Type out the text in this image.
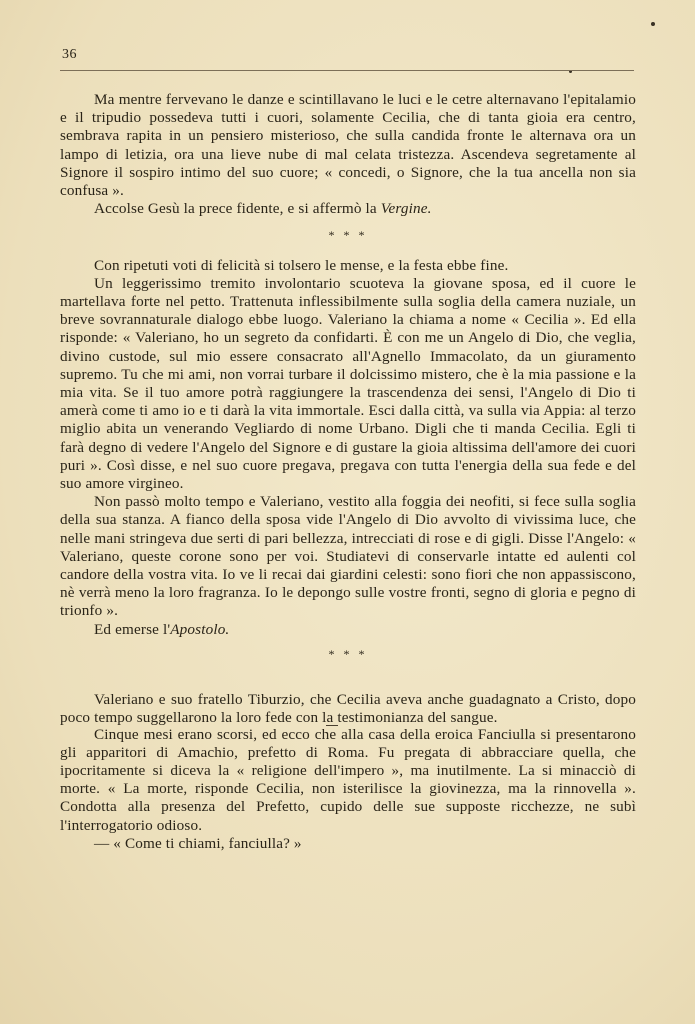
36

Ma mentre fervevano le danze e scintillavano le luci e le cetre alternavano l'epitalamio e il tripudio possedeva tutti i cuori, solamente Cecilia, che di tanta gioia era centro, sembrava rapita in un pensiero misterioso, che sulla candida fronte le alternava ora un lampo di letizia, ora una lieve nube di mal celata tristezza. Ascendeva segretamente al Signore il sospiro intimo del suo cuore; « concedi, o Signore, che la tua ancella non sia confusa ».

Accolse Gesù la prece fidente, e si affermò la Vergine.

* * *

Con ripetuti voti di felicità si tolsero le mense, e la festa ebbe fine.

Un leggerissimo tremito involontario scuoteva la giovane sposa, ed il cuore le martellava forte nel petto. Trattenuta inflessibilmente sulla soglia della camera nuziale, un breve sovrannaturale dialogo ebbe luogo. Valeriano la chiama a nome « Cecilia ». Ed ella risponde: « Valeriano, ho un segreto da confidarti. È con me un Angelo di Dio, che veglia, divino custode, sul mio essere consacrato all'Agnello Immacolato, da un giuramento supremo. Tu che mi ami, non vorrai turbare il dolcissimo mistero, che è la mia passione e la mia vita. Se il tuo amore potrà raggiungere la trascendenza dei sensi, l'Angelo di Dio ti amerà come ti amo io e ti darà la vita immortale. Esci dalla città, va sulla via Appia: al terzo miglio abita un venerando Vegliardo di nome Urbano. Digli che ti manda Cecilia. Egli ti farà degno di vedere l'Angelo del Signore e di gustare la gioia altissima dell'amore dei cuori puri ». Così disse, e nel suo cuore pregava, pregava con tutta l'energia della sua fede e del suo amore virgineo.

Non passò molto tempo e Valeriano, vestito alla foggia dei neofiti, si fece sulla soglia della sua stanza. A fianco della sposa vide l'Angelo di Dio avvolto di vivissima luce, che nelle mani stringeva due serti di pari bellezza, intrecciati di rose e di gigli. Disse l'Angelo: « Valeriano, queste corone sono per voi. Studiatevi di conservarle intatte ed aulenti col candore della vostra vita. Io ve li recai dai giardini celesti: sono fiori che non appassiscono, nè verrà meno la loro fragranza. Io le depongo sulle vostre fronti, segno di gloria e pegno di trionfo ».

Ed emerse l'Apostolo.

* * *

Valeriano e suo fratello Tiburzio, che Cecilia aveva anche guadagnato a Cristo, dopo poco tempo suggellarono la loro fede con la testimonianza del sangue.

Cinque mesi erano scorsi, ed ecco che alla casa della eroica Fanciulla si presentarono gli apparitori di Amachio, prefetto di Roma. Fu pregata di abbracciare quella, che ipocritamente si diceva la « religione dell'impero », ma inutilmente. La si minacciò di morte. « La morte, risponde Cecilia, non isterilisce la giovinezza, ma la rinnovella ». Condotta alla presenza del Prefetto, cupido delle sue supposte ricchezze, ne subì l'interrogatorio odioso.

— « Come ti chiami, fanciulla? »
